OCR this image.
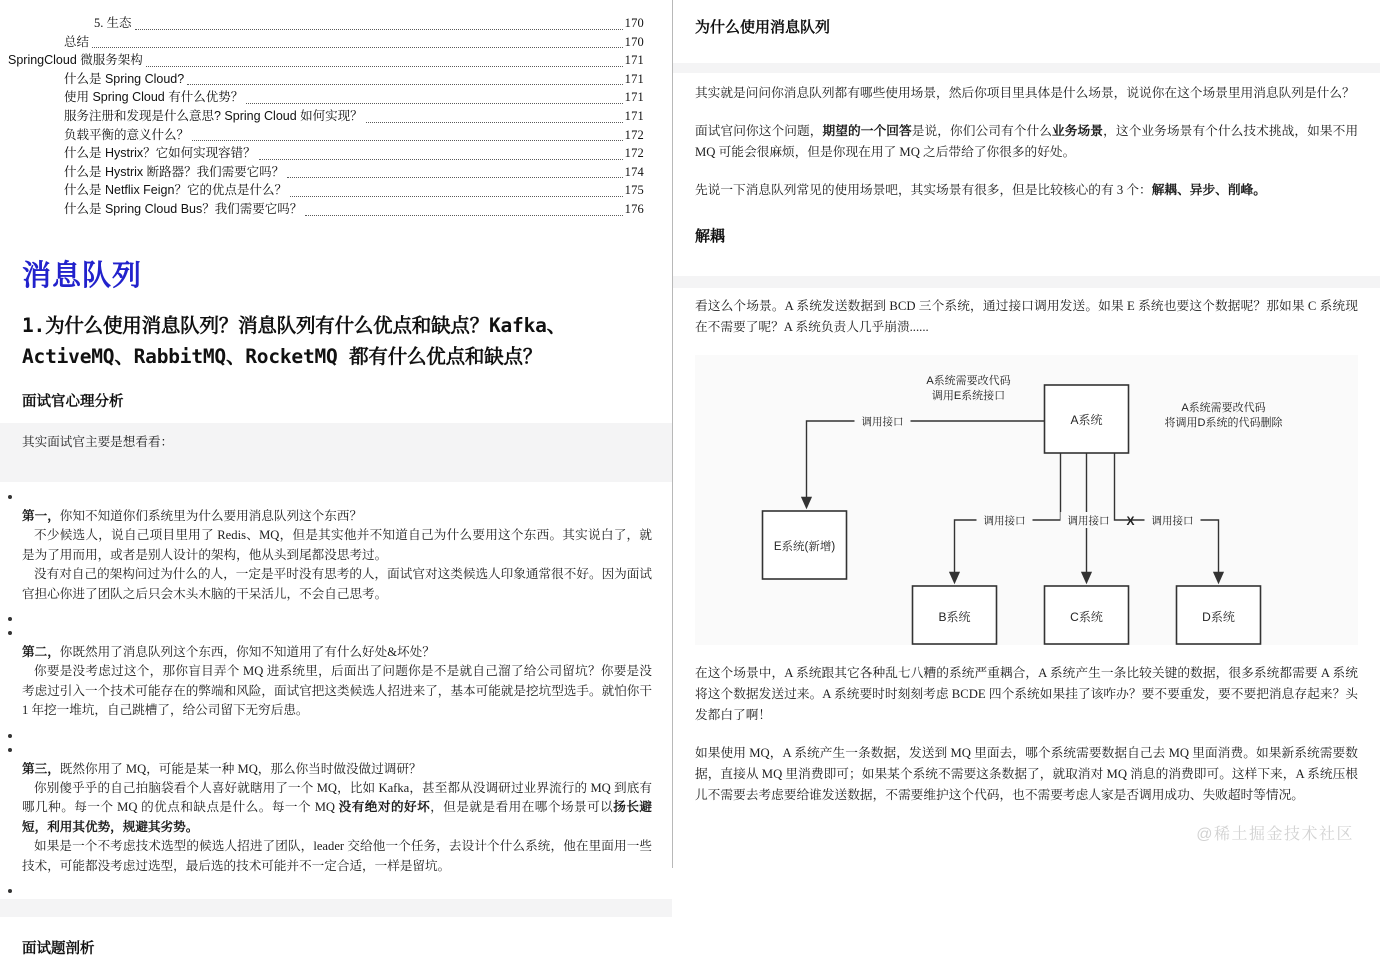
5. 生态	170
总结	170
SpringCloud 微服务架构	171
什么是 Spring Cloud?	171
使用 Spring Cloud 有什么优势？	171
服务注册和发现是什么意思? Spring Cloud 如何实现？	171
负载平衡的意义什么？	172
什么是 Hystrix？它如何实现容错？	172
什么是 Hystrix 断路器？我们需要它吗？	174
什么是 Netflix Feign？它的优点是什么？	175
什么是 Spring Cloud Bus？我们需要它吗？	176
消息队列
1.为什么使用消息队列？消息队列有什么优点和缺点？Kafka、ActiveMQ、RabbitMQ、RocketMQ 都有什么优点和缺点？
面试官心理分析

其实面试官主要是想看看：

第一，你知不知道你们系统里为什么要用消息队列这个东西？

不少候选人，说自己项目里用了 Redis、MQ，但是其实他并不知道自己为什么要用这个东西。其实说白了，就是为了用而用，或者是别人设计的架构，他从头到尾都没思考过。

没有对自己的架构问过为什么的人，一定是平时没有思考的人，面试官对这类候选人印象通常很不好。因为面试官担心你进了团队之后只会木头木脑的干呆活儿，不会自己思考。

第二，你既然用了消息队列这个东西，你知不知道用了有什么好处&坏处？

你要是没考虑过这个，那你盲目弄个 MQ 进系统里，后面出了问题你是不是就自己溜了给公司留坑？你要是没考虑过引入一个技术可能存在的弊端和风险，面试官把这类候选人招进来了，基本可能就是挖坑型选手。就怕你干 1 年挖一堆坑，自己跳槽了，给公司留下无穷后患。

第三，既然你用了 MQ，可能是某一种 MQ，那么你当时做没做过调研？

你别傻乎乎的自己拍脑袋看个人喜好就瞎用了一个 MQ，比如 Kafka，甚至都从没调研过业界流行的 MQ 到底有哪几种。每一个 MQ 的优点和缺点是什么。每一个 MQ 没有绝对的好坏，但是就是看用在哪个场景可以扬长避短，利用其优势，规避其劣势。

如果是一个不考虑技术选型的候选人招进了团队，leader 交给他一个任务，去设计个什么系统，他在里面用一些技术，可能都没考虑过选型，最后选的技术可能并不一定合适，一样是留坑。

面试题剖析
为什么使用消息队列

其实就是问问你消息队列都有哪些使用场景，然后你项目里具体是什么场景，说说你在这个场景里用消息队列是什么？

面试官问你这个问题，期望的一个回答是说，你们公司有个什么业务场景，这个业务场景有个什么技术挑战，如果不用 MQ 可能会很麻烦，但是你现在用了 MQ 之后带给了你很多的好处。

先说一下消息队列常见的使用场景吧，其实场景有很多，但是比较核心的有 3 个：解耦、异步、削峰。

解耦

看这么个场景。A 系统发送数据到 BCD 三个系统，通过接口调用发送。如果 E 系统也要这个数据呢？那如果 C 系统现在不需要了呢？A 系统负责人几乎崩溃......

A系统
E系统(新增)
B系统	C系统	D系统
调用接口
调用接口	调用接口	调用接口
X
A系统需要改代码
调用E系统接口
A系统需要改代码
将调用D系统的代码删除

在这个场景中，A 系统跟其它各种乱七八糟的系统严重耦合，A 系统产生一条比较关键的数据，很多系统都需要 A 系统将这个数据发送过来。A 系统要时时刻刻考虑 BCDE 四个系统如果挂了该咋办？要不要重发，要不要把消息存起来？头发都白了啊！

如果使用 MQ，A 系统产生一条数据，发送到 MQ 里面去，哪个系统需要数据自己去 MQ 里面消费。如果新系统需要数据，直接从 MQ 里消费即可；如果某个系统不需要这条数据了，就取消对 MQ 消息的消费即可。这样下来，A 系统压根儿不需要去考虑要给谁发送数据，不需要维护这个代码，也不需要考虑人家是否调用成功、失败超时等情况。

@稀土掘金技术社区
